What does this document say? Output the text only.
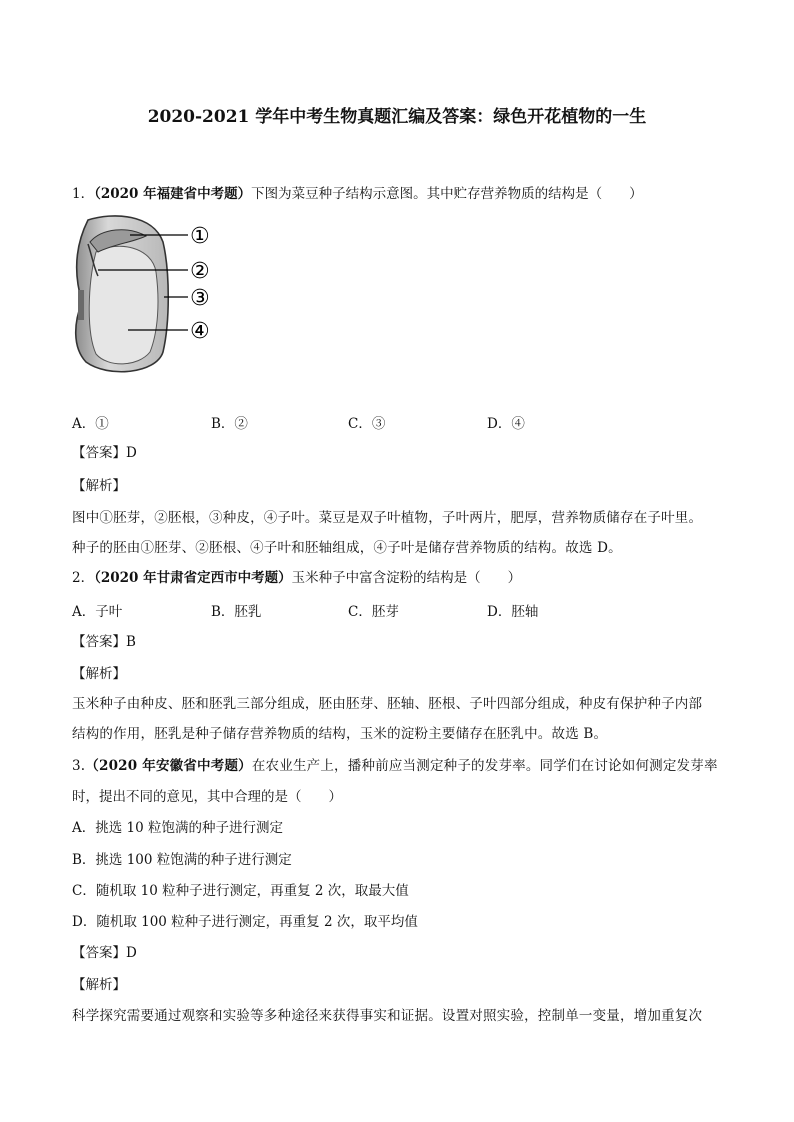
2020-2021 学年中考生物真题汇编及答案：绿色开花植物的一生
1．（2020 年福建省中考题）下图为菜豆种子结构示意图。其中贮存营养物质的结构是（　　）
①
②
③
④
A．①	B．②	C．③	D．④
【答案】D
【解析】
图中①胚芽，②胚根，③种皮，④子叶。菜豆是双子叶植物，子叶两片，肥厚，营养物质储存在子叶里。
种子的胚由①胚芽、②胚根、④子叶和胚轴组成，④子叶是储存营养物质的结构。故选 D。
2．（2020 年甘肃省定西市中考题）玉米种子中富含淀粉的结构是（　　）
A．子叶	B．胚乳	C．胚芽	D．胚轴
【答案】B
【解析】
玉米种子由种皮、胚和胚乳三部分组成，胚由胚芽、胚轴、胚根、子叶四部分组成，种皮有保护种子内部
结构的作用，胚乳是种子储存营养物质的结构，玉米的淀粉主要储存在胚乳中。故选 B。
3.（2020 年安徽省中考题）在农业生产上，播种前应当测定种子的发芽率。同学们在讨论如何测定发芽率
时，提出不同的意见，其中合理的是（　　）
A．挑选 10 粒饱满的种子进行测定
B．挑选 100 粒饱满的种子进行测定
C．随机取 10 粒种子进行测定，再重复 2 次，取最大值
D．随机取 100 粒种子进行测定，再重复 2 次，取平均值
【答案】D
【解析】
科学探究需要通过观察和实验等多种途径来获得事实和证据。设置对照实验，控制单一变量，增加重复次
